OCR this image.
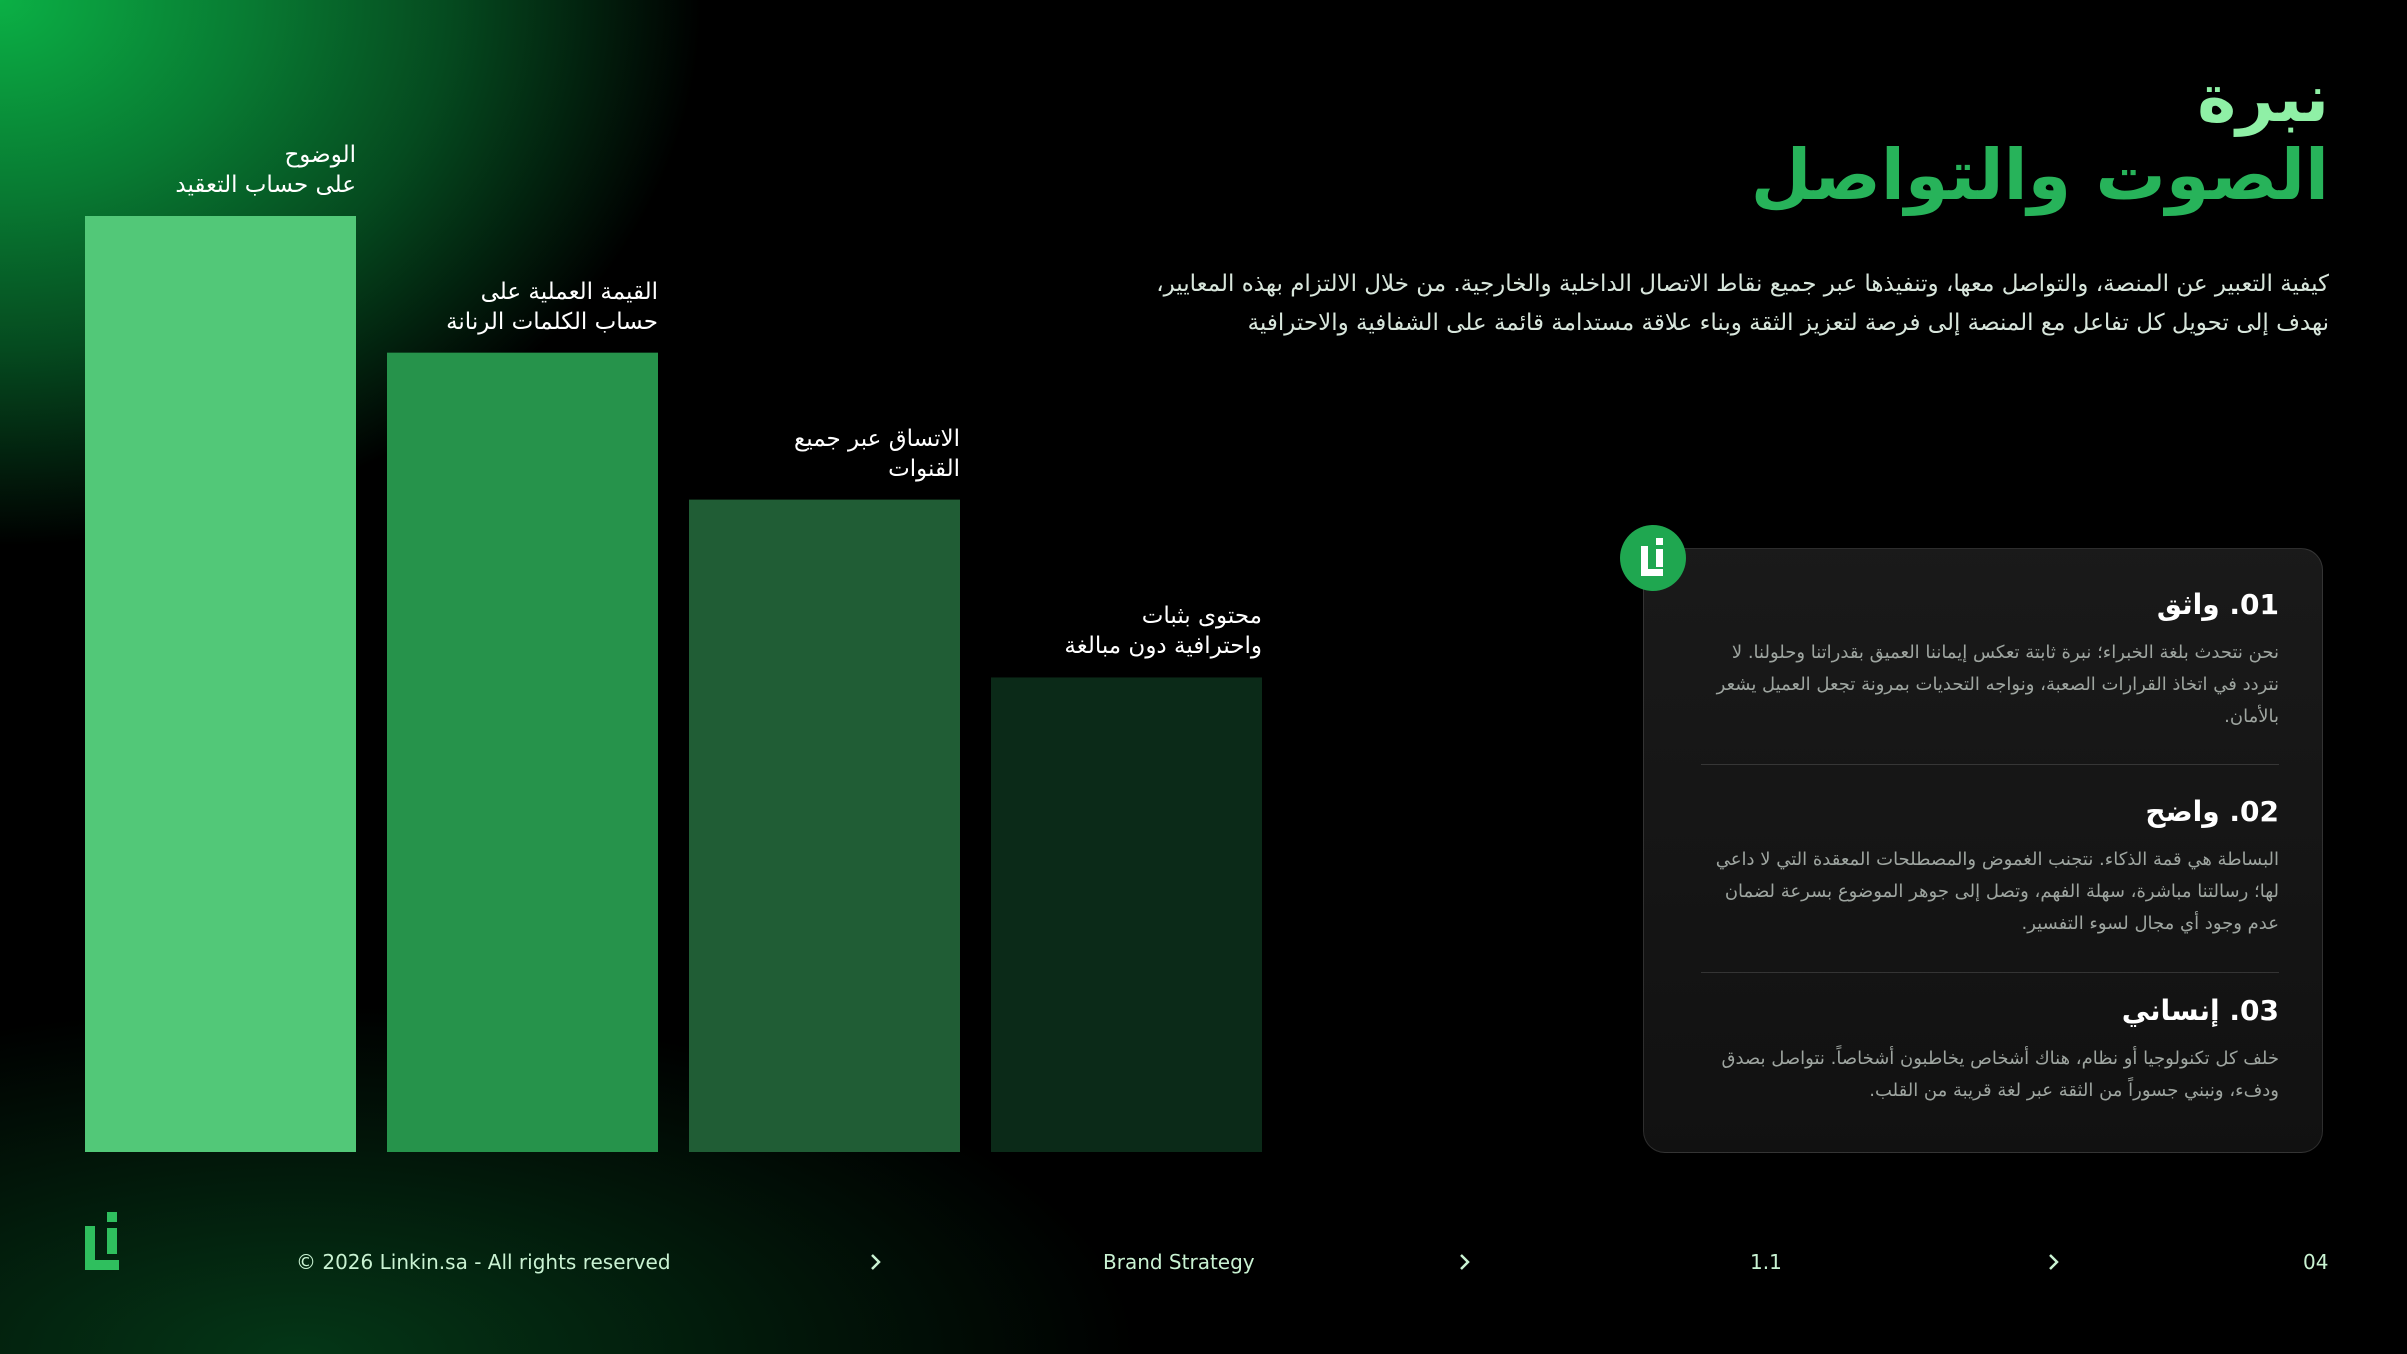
نبرة
الصوت والتواصل
كيفية التعبير عن المنصة، والتواصل معها، وتنفيذها عبر جميع نقاط الاتصال الداخلية والخارجية. من خلال الالتزام بهذه المعايير، نهدف إلى تحويل كل تفاعل مع المنصة إلى فرصة لتعزيز الثقة وبناء علاقة مستدامة قائمة على الشفافية والاحترافية
الوضوح
على حساب التعقيد
القيمة العملية على
حساب الكلمات الرنانة
الاتساق عبر جميع
القنوات
محتوى بثبات
واحترافية دون مبالغة
01. واثق
نحن نتحدث بلغة الخبراء؛ نبرة ثابتة تعكس إيماننا العميق بقدراتنا وحلولنا. لا نتردد في اتخاذ القرارات الصعبة، ونواجه التحديات بمرونة تجعل العميل يشعر بالأمان.
02. واضح
البساطة هي قمة الذكاء. نتجنب الغموض والمصطلحات المعقدة التي لا داعي لها؛ رسالتنا مباشرة، سهلة الفهم، وتصل إلى جوهر الموضوع بسرعة لضمان عدم وجود أي مجال لسوء التفسير.
03. إنساني
خلف كل تكنولوجيا أو نظام، هناك أشخاص يخاطبون أشخاصاً. نتواصل بصدق ودفء، ونبني جسوراً من الثقة عبر لغة قريبة من القلب.
© 2026 Linkin.sa - All rights reserved	Brand Strategy	1.1	04
